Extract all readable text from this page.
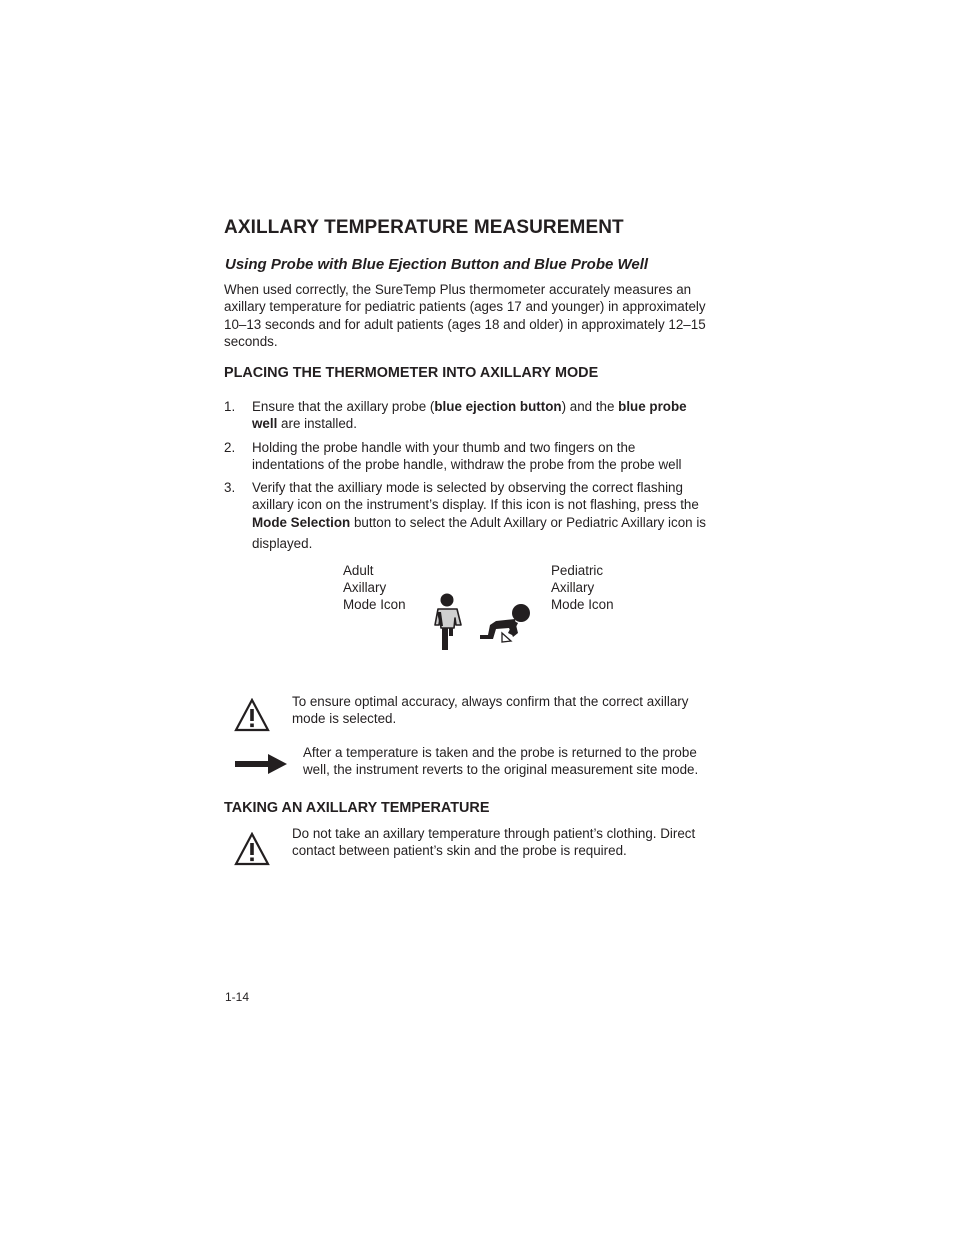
AXILLARY TEMPERATURE MEASUREMENT
Using Probe with Blue Ejection Button and Blue Probe Well
When used correctly, the SureTemp Plus thermometer accurately measures an
axillary temperature for pediatric patients (ages 17 and younger) in approximately
10–13 seconds and for adult patients (ages 18 and older) in approximately 12–15
seconds.
PLACING THE THERMOMETER INTO AXILLARY MODE
1. Ensure that the axillary probe (blue ejection button) and the blue probe
well are installed.
2. Holding the probe handle with your thumb and two fingers on the
indentations of the probe handle, withdraw the probe from the probe well
3. Verify that the axilliary mode is selected by observing the correct flashing
axillary icon on the instrument’s display. If this icon is not flashing, press the
Mode Selection button to select the Adult Axillary or Pediatric Axillary icon is
displayed.
Adult
Axillary
Mode Icon
Pediatric
Axillary
Mode Icon
To ensure optimal accuracy, always confirm that the correct axillary
mode is selected.
After a temperature is taken and the probe is returned to the probe
well, the instrument reverts to the original measurement site mode.
TAKING AN AXILLARY TEMPERATURE
Do not take an axillary temperature through patient’s clothing. Direct
contact between patient’s skin and the probe is required.
1-14
